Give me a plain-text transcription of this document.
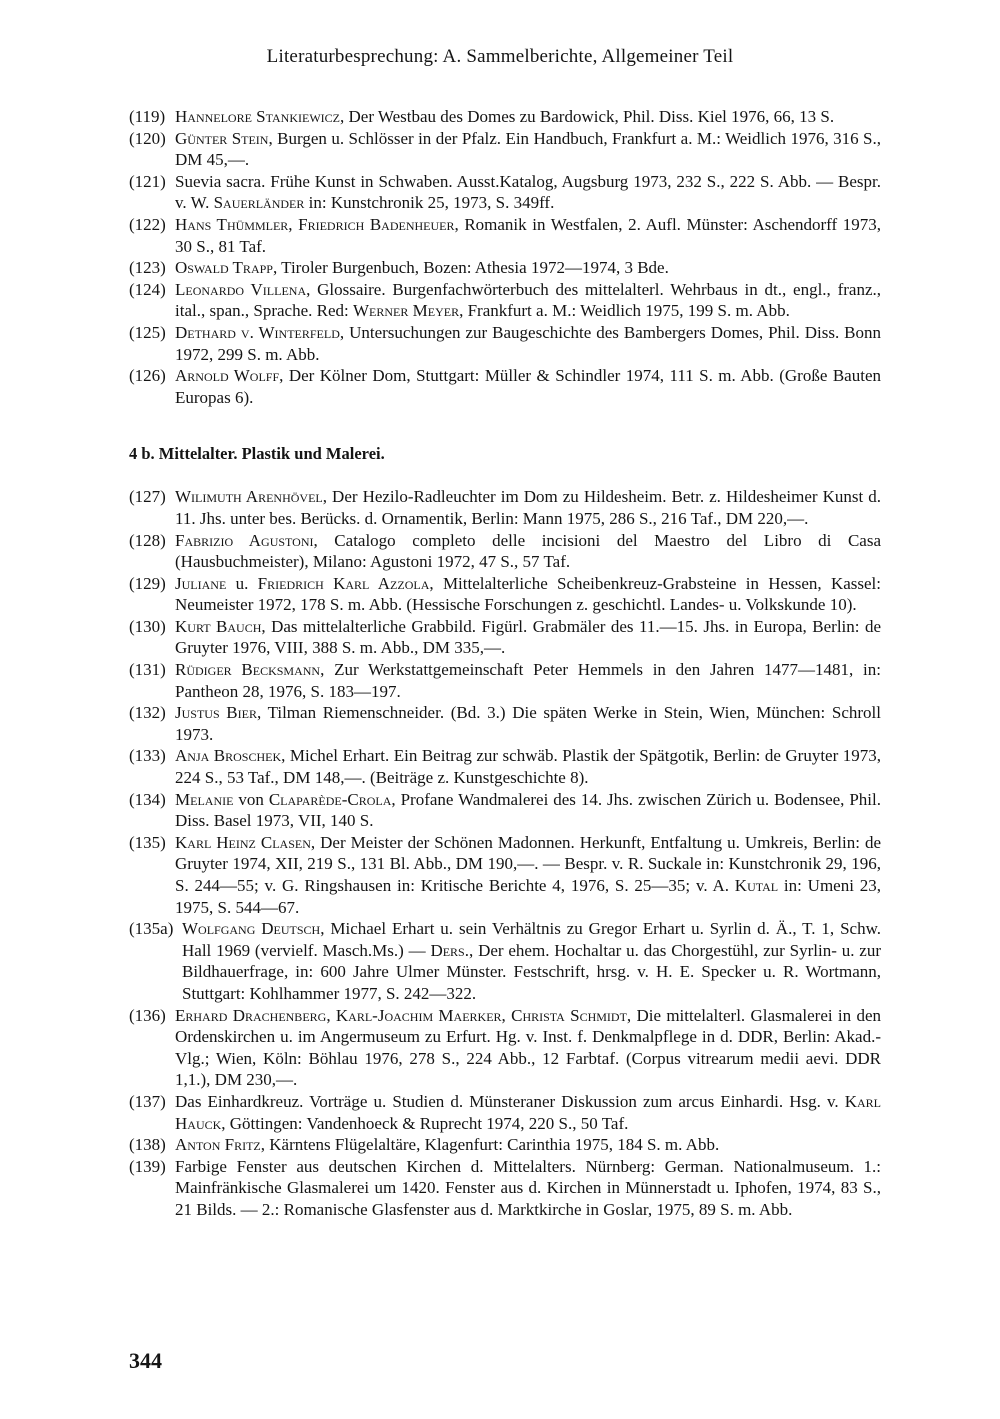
Literaturbesprechung: A. Sammelberichte, Allgemeiner Teil
(119) Hannelore Stankiewicz, Der Westbau des Domes zu Bardowick, Phil. Diss. Kiel 1976, 66, 13 S.
(120) Günter Stein, Burgen u. Schlösser in der Pfalz. Ein Handbuch, Frankfurt a. M.: Weidlich 1976, 316 S., DM 45,—.
(121) Suevia sacra. Frühe Kunst in Schwaben. Ausst.Katalog, Augsburg 1973, 232 S., 222 S. Abb. — Bespr. v. W. Sauerländer in: Kunstchronik 25, 1973, S. 349ff.
(122) Hans Thümmler, Friedrich Badenheuer, Romanik in Westfalen, 2. Aufl. Münster: Aschendorff 1973, 30 S., 81 Taf.
(123) Oswald Trapp, Tiroler Burgenbuch, Bozen: Athesia 1972—1974, 3 Bde.
(124) Leonardo Villena, Glossaire. Burgenfachwörterbuch des mittelalterl. Wehrbaus in dt., engl., franz., ital., span., Sprache. Red: Werner Meyer, Frankfurt a. M.: Weidlich 1975, 199 S. m. Abb.
(125) Dethard v. Winterfeld, Untersuchungen zur Baugeschichte des Bambergers Domes, Phil. Diss. Bonn 1972, 299 S. m. Abb.
(126) Arnold Wolff, Der Kölner Dom, Stuttgart: Müller & Schindler 1974, 111 S. m. Abb. (Große Bauten Europas 6).
4 b. Mittelalter. Plastik und Malerei.
(127) Wilimuth Arenhövel, Der Hezilo-Radleuchter im Dom zu Hildesheim. Betr. z. Hildesheimer Kunst d. 11. Jhs. unter bes. Berücks. d. Ornamentik, Berlin: Mann 1975, 286 S., 216 Taf., DM 220,—.
(128) Fabrizio Agustoni, Catalogo completo delle incisioni del Maestro del Libro di Casa (Hausbuchmeister), Milano: Agustoni 1972, 47 S., 57 Taf.
(129) Juliane u. Friedrich Karl Azzola, Mittelalterliche Scheibenkreuz-Grabsteine in Hessen, Kassel: Neumeister 1972, 178 S. m. Abb. (Hessische Forschungen z. geschichtl. Landes- u. Volkskunde 10).
(130) Kurt Bauch, Das mittelalterliche Grabbild. Figürl. Grabmäler des 11.—15. Jhs. in Europa, Berlin: de Gruyter 1976, VIII, 388 S. m. Abb., DM 335,—.
(131) Rüdiger Becksmann, Zur Werkstattgemeinschaft Peter Hemmels in den Jahren 1477—1481, in: Pantheon 28, 1976, S. 183—197.
(132) Justus Bier, Tilman Riemenschneider. (Bd. 3.) Die späten Werke in Stein, Wien, München: Schroll 1973.
(133) Anja Broschek, Michel Erhart. Ein Beitrag zur schwäb. Plastik der Spätgotik, Berlin: de Gruyter 1973, 224 S., 53 Taf., DM 148,—. (Beiträge z. Kunstgeschichte 8).
(134) Melanie von Claparède-Crola, Profane Wandmalerei des 14. Jhs. zwischen Zürich u. Bodensee, Phil. Diss. Basel 1973, VII, 140 S.
(135) Karl Heinz Clasen, Der Meister der Schönen Madonnen. Herkunft, Entfaltung u. Umkreis, Berlin: de Gruyter 1974, XII, 219 S., 131 Bl. Abb., DM 190,—. — Bespr. v. R. Suckale in: Kunstchronik 29, 196, S. 244—55; v. G. Ringshausen in: Kritische Berichte 4, 1976, S. 25—35; v. A. Kutal in: Umeni 23, 1975, S. 544—67.
(135a) Wolfgang Deutsch, Michael Erhart u. sein Verhältnis zu Gregor Erhart u. Syrlin d. Ä., T. 1, Schw. Hall 1969 (vervielf. Masch.Ms.) — Ders., Der ehem. Hochaltar u. das Chorgestühl, zur Syrlin- u. zur Bildhauerfrage, in: 600 Jahre Ulmer Münster. Festschrift, hrsg. v. H. E. Specker u. R. Wortmann, Stuttgart: Kohlhammer 1977, S. 242—322.
(136) Erhard Drachenberg, Karl-Joachim Maerker, Christa Schmidt, Die mittelalterl. Glasmalerei in den Ordenskirchen u. im Angermuseum zu Erfurt. Hg. v. Inst. f. Denkmalpflege in d. DDR, Berlin: Akad.-Vlg.; Wien, Köln: Böhlau 1976, 278 S., 224 Abb., 12 Farbtaf. (Corpus vitrearum medii aevi. DDR 1,1.), DM 230,—.
(137) Das Einhardkreuz. Vorträge u. Studien d. Münsteraner Diskussion zum arcus Einhardi. Hsg. v. Karl Hauck, Göttingen: Vandenhoeck & Ruprecht 1974, 220 S., 50 Taf.
(138) Anton Fritz, Kärntens Flügelaltäre, Klagenfurt: Carinthia 1975, 184 S. m. Abb.
(139) Farbige Fenster aus deutschen Kirchen d. Mittelalters. Nürnberg: German. Nationalmuseum. 1.: Mainfränkische Glasmalerei um 1420. Fenster aus d. Kirchen in Münnerstadt u. Iphofen, 1974, 83 S., 21 Bilds. — 2.: Romanische Glasfenster aus d. Marktkirche in Goslar, 1975, 89 S. m. Abb.
344
